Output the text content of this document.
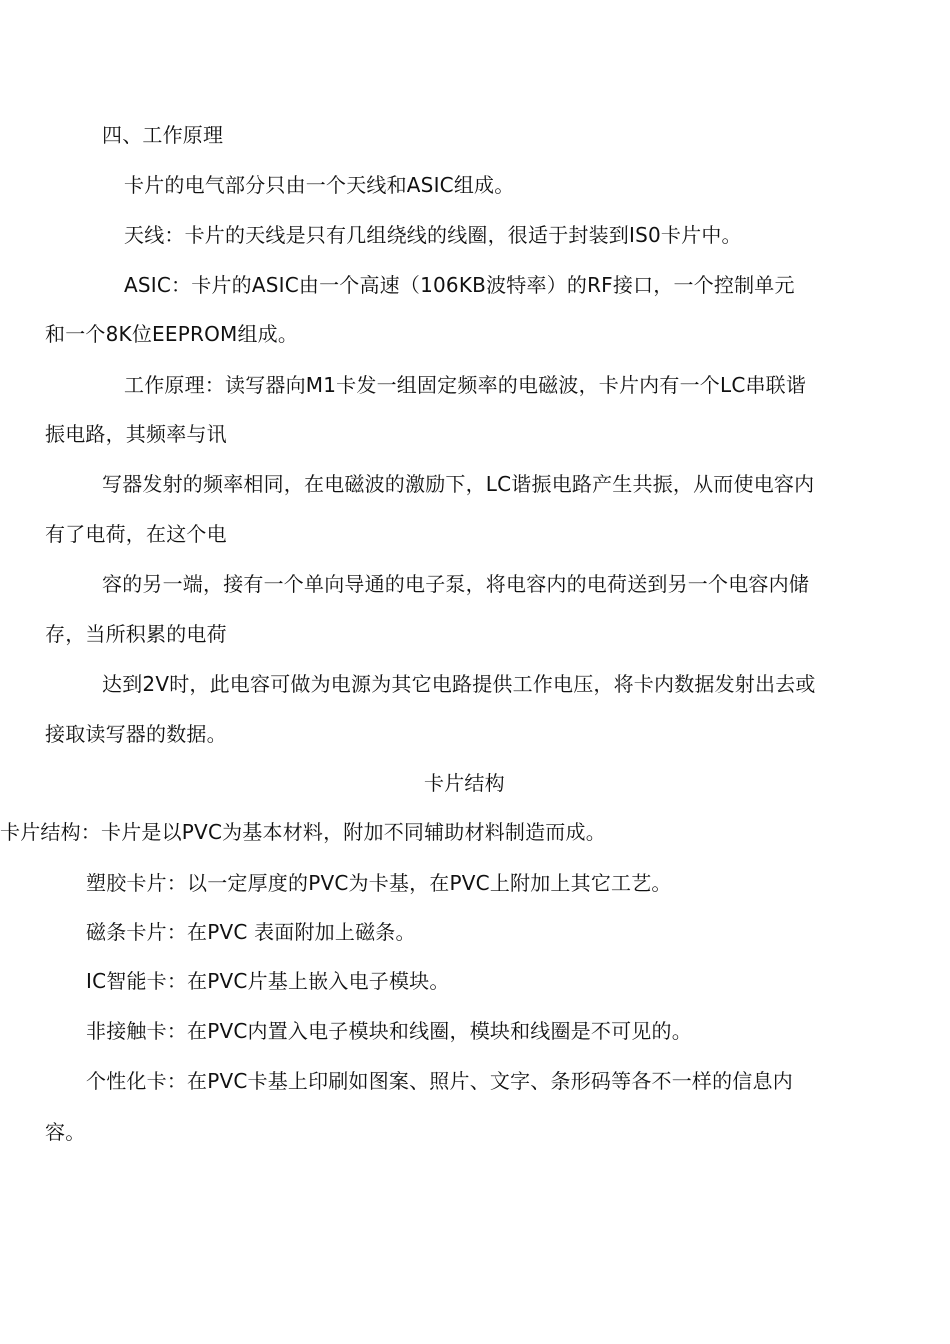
四、工作原理
卡片的电气部分只由一个天线和ASIC组成。
天线：卡片的天线是只有几组绕线的线圈，很适于封装到IS0卡片中。
ASIC：卡片的ASIC由一个高速（106KB波特率）的RF接口，一个控制单元
和一个8K位EEPROM组成。
工作原理：读写器向M1卡发一组固定频率的电磁波，卡片内有一个LC串联谐
振电路，其频率与讯
写器发射的频率相同，在电磁波的激励下，LC谐振电路产生共振，从而使电容内
有了电荷，在这个电
容的另一端，接有一个单向导通的电子泵，将电容内的电荷送到另一个电容内储
存，当所积累的电荷
达到2V时，此电容可做为电源为其它电路提供工作电压，将卡内数据发射出去或
接取读写器的数据。
卡片结构
卡片结构：卡片是以PVC为基本材料，附加不同辅助材料制造而成。
塑胶卡片：以一定厚度的PVC为卡基，在PVC上附加上其它工艺。
磁条卡片：在PVC 表面附加上磁条。
IC智能卡：在PVC片基上嵌入电子模块。
非接触卡：在PVC内置入电子模块和线圈，模块和线圈是不可见的。
个性化卡：在PVC卡基上印刷如图案、照片、文字、条形码等各不一样的信息内
容。
